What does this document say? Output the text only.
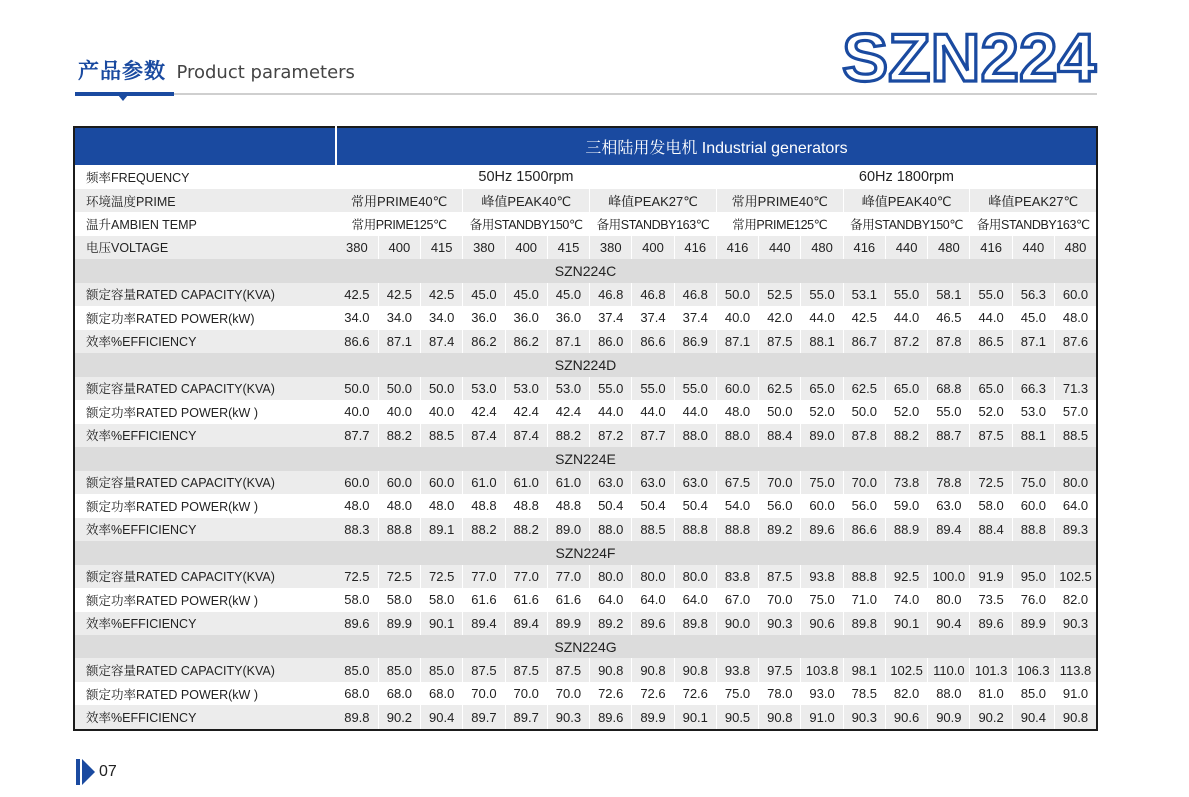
产品参数 Product parameters	SZN224
	三相陆用发电机 Industrial generators																	
频率FREQUENCY	50Hz 1500rpm									60Hz 1800rpm								
环境温度PRIME	常用PRIME40℃			峰值PEAK40℃			峰值PEAK27℃			常用PRIME40℃			峰值PEAK40℃			峰值PEAK27℃		
温升AMBIEN TEMP	常用PRIME125℃			备用STANDBY150℃			备用STANDBY163℃			常用PRIME125℃			备用STANDBY150℃			备用STANDBY163℃		
电压VOLTAGE	380	400	415	380	400	415	380	400	416	416	440	480	416	440	480	416	440	480
SZN224C																		
额定容量RATED CAPACITY(KVA)	42.5	42.5	42.5	45.0	45.0	45.0	46.8	46.8	46.8	50.0	52.5	55.0	53.1	55.0	58.1	55.0	56.3	60.0
额定功率RATED POWER(kW)	34.0	34.0	34.0	36.0	36.0	36.0	37.4	37.4	37.4	40.0	42.0	44.0	42.5	44.0	46.5	44.0	45.0	48.0
效率%EFFICIENCY	86.6	87.1	87.4	86.2	86.2	87.1	86.0	86.6	86.9	87.1	87.5	88.1	86.7	87.2	87.8	86.5	87.1	87.6
SZN224D																		
额定容量RATED CAPACITY(KVA)	50.0	50.0	50.0	53.0	53.0	53.0	55.0	55.0	55.0	60.0	62.5	65.0	62.5	65.0	68.8	65.0	66.3	71.3
额定功率RATED POWER(kW )	40.0	40.0	40.0	42.4	42.4	42.4	44.0	44.0	44.0	48.0	50.0	52.0	50.0	52.0	55.0	52.0	53.0	57.0
效率%EFFICIENCY	87.7	88.2	88.5	87.4	87.4	88.2	87.2	87.7	88.0	88.0	88.4	89.0	87.8	88.2	88.7	87.5	88.1	88.5
SZN224E																		
额定容量RATED CAPACITY(KVA)	60.0	60.0	60.0	61.0	61.0	61.0	63.0	63.0	63.0	67.5	70.0	75.0	70.0	73.8	78.8	72.5	75.0	80.0
额定功率RATED POWER(kW )	48.0	48.0	48.0	48.8	48.8	48.8	50.4	50.4	50.4	54.0	56.0	60.0	56.0	59.0	63.0	58.0	60.0	64.0
效率%EFFICIENCY	88.3	88.8	89.1	88.2	88.2	89.0	88.0	88.5	88.8	88.8	89.2	89.6	86.6	88.9	89.4	88.4	88.8	89.3
SZN224F																		
额定容量RATED CAPACITY(KVA)	72.5	72.5	72.5	77.0	77.0	77.0	80.0	80.0	80.0	83.8	87.5	93.8	88.8	92.5	100.0	91.9	95.0	102.5
额定功率RATED POWER(kW )	58.0	58.0	58.0	61.6	61.6	61.6	64.0	64.0	64.0	67.0	70.0	75.0	71.0	74.0	80.0	73.5	76.0	82.0
效率%EFFICIENCY	89.6	89.9	90.1	89.4	89.4	89.9	89.2	89.6	89.8	90.0	90.3	90.6	89.8	90.1	90.4	89.6	89.9	90.3
SZN224G																		
额定容量RATED CAPACITY(KVA)	85.0	85.0	85.0	87.5	87.5	87.5	90.8	90.8	90.8	93.8	97.5	103.8	98.1	102.5	110.0	101.3	106.3	113.8
额定功率RATED POWER(kW )	68.0	68.0	68.0	70.0	70.0	70.0	72.6	72.6	72.6	75.0	78.0	93.0	78.5	82.0	88.0	81.0	85.0	91.0
效率%EFFICIENCY	89.8	90.2	90.4	89.7	89.7	90.3	89.6	89.9	90.1	90.5	90.8	91.0	90.3	90.6	90.9	90.2	90.4	90.8
07
